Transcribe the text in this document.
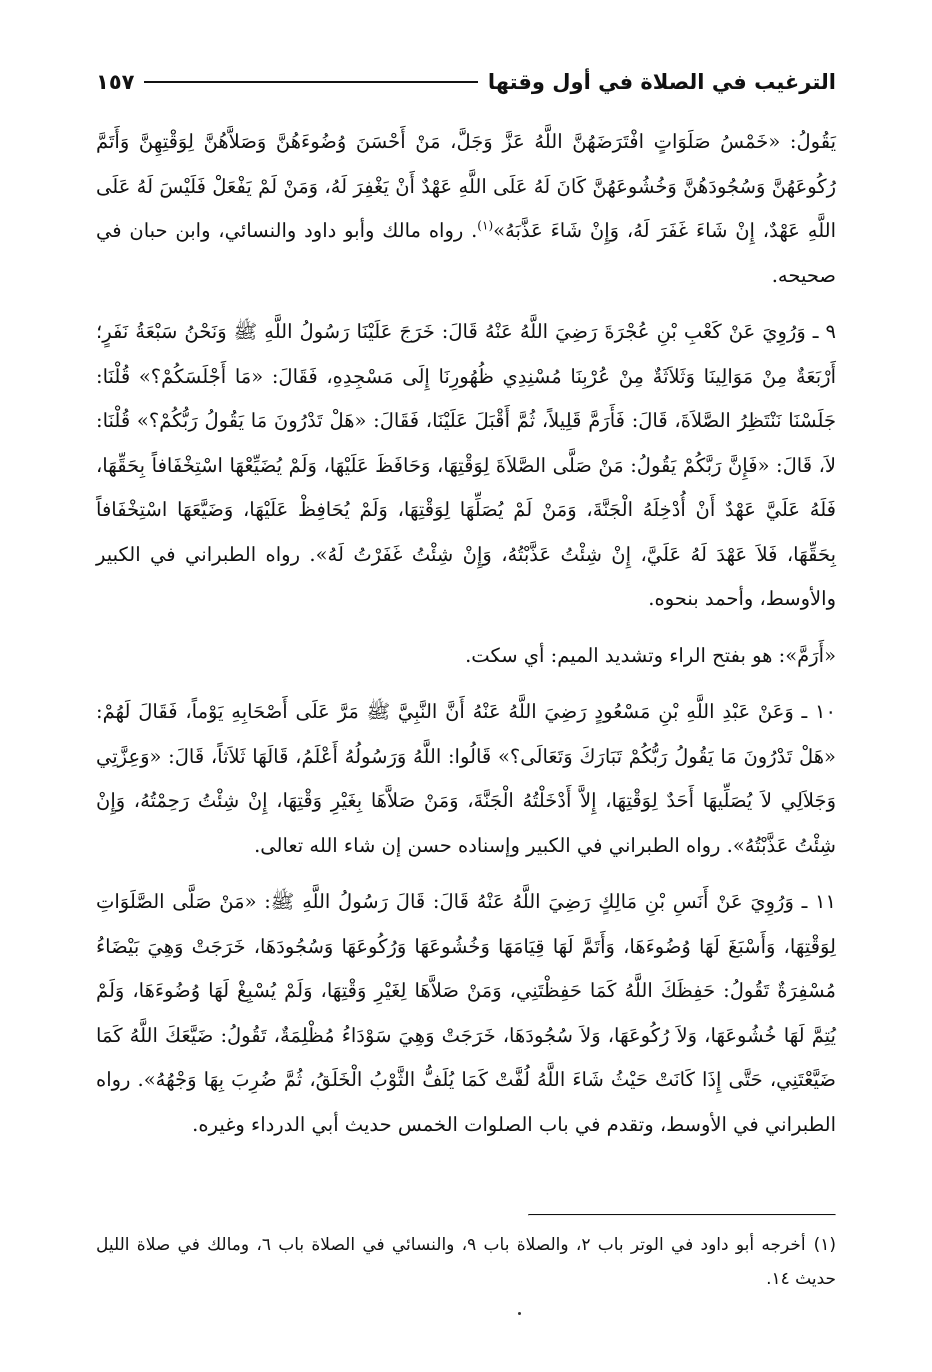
الترغيب في الصلاة في أول وقتها
١٥٧

يَقُولُ: «خَمْسُ صَلَوَاتٍ افْتَرَضَهُنَّ اللَّهُ عَزَّ وَجَلَّ، مَنْ أَحْسَنَ وُضُوءَهُنَّ وَصَلاَّهُنَّ لِوَقْتِهِنَّ وَأَتَمَّ رُكُوعَهُنَّ وَسُجُودَهُنَّ وَخُشُوعَهُنَّ كَانَ لَهُ عَلَى اللَّهِ عَهْدٌ أَنْ يَغْفِرَ لَهُ، وَمَنْ لَمْ يَفْعَلْ فَلَيْسَ لَهُ عَلَى اللَّهِ عَهْدٌ، إِنْ شَاءَ غَفَرَ لَهُ، وَإِنْ شَاءَ عَذَّبَهُ»$^{(١)}$. رواه مالك وأبو داود والنسائي، وابن حبان في صحيحه.

٩ ـ وَرُوِيَ عَنْ كَعْبِ بْنِ عُجْرَةَ رَضِيَ اللَّهُ عَنْهُ قَالَ: خَرَجَ عَلَيْنَا رَسُولُ اللَّهِ ﷺ وَنَحْنُ سَبْعَةُ نَفَرٍ؛ أَرْبَعَةٌ مِنْ مَوَالِينَا وَثَلاَثَةٌ مِنْ عُرْبِنَا مُسْنِدِي ظُهُورِنَا إِلَى مَسْجِدِهِ، فَقَالَ: «مَا أَجْلَسَكُمْ؟» قُلْنَا: جَلَسْنَا نَنْتَظِرُ الصَّلاَةَ، قَالَ: فَأَرَمَّ قَلِيلاً، ثُمَّ أَقْبَلَ عَلَيْنَا، فَقَالَ: «هَلْ تَدْرُونَ مَا يَقُولُ رَبُّكُمْ؟» قُلْنَا: لاَ، قَالَ: «فَإِنَّ رَبَّكُمْ يَقُولُ: مَنْ صَلَّى الصَّلاَةَ لِوَقْتِهَا، وَحَافَظَ عَلَيْهَا، وَلَمْ يُضَيِّعْهَا اسْتِخْفَافاً بِحَقِّهَا، فَلَهُ عَلَيَّ عَهْدٌ أَنْ أُدْخِلَهُ الْجَنَّةَ، وَمَنْ لَمْ يُصَلِّهَا لِوَقْتِهَا، وَلَمْ يُحَافِظْ عَلَيْهَا، وَضَيَّعَهَا اسْتِخْفَافاً بِحَقِّهَا، فَلاَ عَهْدَ لَهُ عَلَيَّ، إِنْ شِئْتُ عَذَّبْتُهُ، وَإِنْ شِئْتُ غَفَرْتُ لَهُ». رواه الطبراني في الكبير والأوسط، وأحمد بنحوه.

«أَرَمَّ»: هو بفتح الراء وتشديد الميم: أي سكت.

١٠ ـ وَعَنْ عَبْدِ اللَّهِ بْنِ مَسْعُودٍ رَضِيَ اللَّهُ عَنْهُ أَنَّ النَّبِيَّ ﷺ مَرَّ عَلَى أَصْحَابِهِ يَوْماً، فَقَالَ لَهُمْ: «هَلْ تَدْرُونَ مَا يَقُولُ رَبُّكُمْ تَبَارَكَ وَتَعَالَى؟» قَالُوا: اللَّهُ وَرَسُولُهُ أَعْلَمُ، قَالَهَا ثَلاَثاً، قَالَ: «وَعِزَّتِي وَجَلاَلِي لاَ يُصَلِّيهَا أَحَدٌ لِوَقْتِهَا، إِلاَّ أَدْخَلْتُهُ الْجَنَّةَ، وَمَنْ صَلاَّهَا بِغَيْرِ وَقْتِهَا، إِنْ شِئْتُ رَحِمْتُهُ، وَإِنْ شِئْتُ عَذَّبْتُهُ». رواه الطبراني في الكبير وإسناده حسن إن شاء الله تعالى.

١١ ـ وَرُوِيَ عَنْ أَنَسِ بْنِ مَالِكٍ رَضِيَ اللَّهُ عَنْهُ قَالَ: قَالَ رَسُولُ اللَّهِ ﷺ: «مَنْ صَلَّى الصَّلَوَاتِ لِوَقْتِهَا، وَأَسْبَغَ لَهَا وُضُوءَهَا، وَأَتَمَّ لَهَا قِيَامَهَا وَخُشُوعَهَا وَرُكُوعَهَا وَسُجُودَهَا، خَرَجَتْ وَهِيَ بَيْضَاءُ مُسْفِرَةٌ تَقُولُ: حَفِظَكَ اللَّهُ كَمَا حَفِظْتَنِي، وَمَنْ صَلاَّهَا لِغَيْرِ وَقْتِهَا، وَلَمْ يُسْبِغْ لَهَا وُضُوءَهَا، وَلَمْ يُتِمَّ لَهَا خُشُوعَهَا، وَلاَ رُكُوعَهَا، وَلاَ سُجُودَهَا، خَرَجَتْ وَهِيَ سَوْدَاءُ مُظْلِمَةٌ، تَقُولُ: ضَيَّعَكَ اللَّهُ كَمَا ضَيَّعْتَنِي، حَتَّى إِذَا كَانَتْ حَيْثُ شَاءَ اللَّهُ لُفَّتْ كَمَا يُلَفُّ الثَّوْبُ الْخَلَقُ، ثُمَّ ضُرِبَ بِهَا وَجْهُهُ». رواه الطبراني في الأوسط، وتقدم في باب الصلوات الخمس حديث أبي الدرداء وغيره.

(١)أخرجه أبو داود في الوتر باب ٢، والصلاة باب ٩، والنسائي في الصلاة باب ٦، ومالك في صلاة الليل حديث ١٤.
